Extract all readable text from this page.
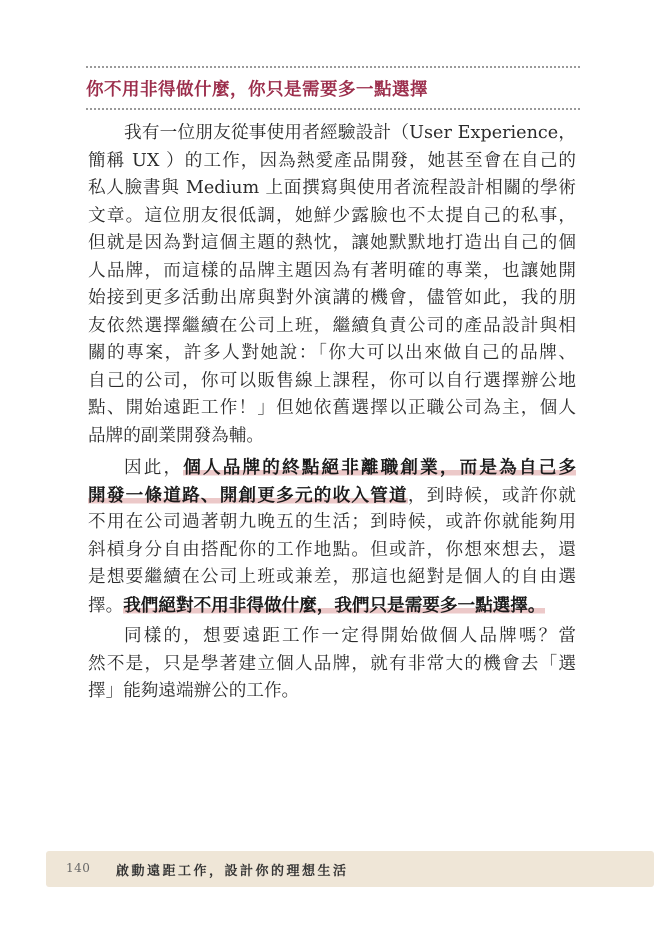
你不用非得做什麼，你只是需要多一點選擇
我有一位朋友從事使用者經驗設計（User Experience，
簡稱 UX ）的工作，因為熱愛產品開發，她甚至會在自己的
私人臉書與 Medium 上面撰寫與使用者流程設計相關的學術
文章。這位朋友很低調，她鮮少露臉也不太提自己的私事，
但就是因為對這個主題的熱忱，讓她默默地打造出自己的個
人品牌，而這樣的品牌主題因為有著明確的專業，也讓她開
始接到更多活動出席與對外演講的機會，儘管如此，我的朋
友依然選擇繼續在公司上班，繼續負責公司的產品設計與相
關的專案，許多人對她說：「你大可以出來做自己的品牌、
自己的公司，你可以販售線上課程，你可以自行選擇辦公地
點、開始遠距工作！」但她依舊選擇以正職公司為主，個人
品牌的副業開發為輔。
因此，個人品牌的終點絕非離職創業，而是為自己多
開發一條道路、開創更多元的收入管道，到時候，或許你就
不用在公司過著朝九晚五的生活；到時候，或許你就能夠用
斜槓身分自由搭配你的工作地點。但或許，你想來想去，還
是想要繼續在公司上班或兼差，那這也絕對是個人的自由選
擇。我們絕對不用非得做什麼，我們只是需要多一點選擇。
同樣的，想要遠距工作一定得開始做個人品牌嗎？當
然不是，只是學著建立個人品牌，就有非常大的機會去「選
擇」能夠遠端辦公的工作。
140 啟動遠距工作，設計你的理想生活
